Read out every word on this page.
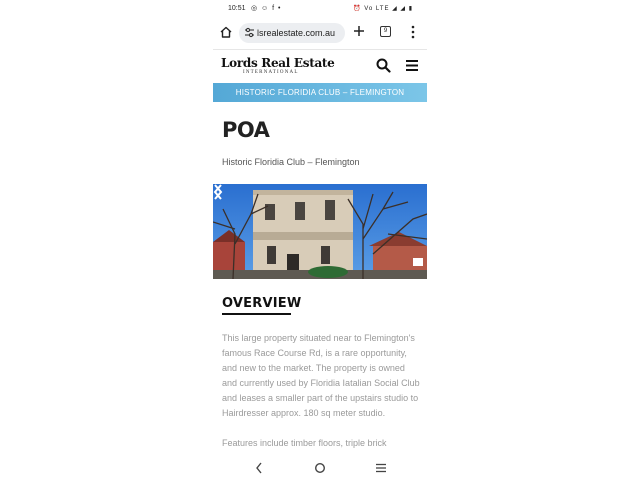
10:51 ◎ ☺ f •	⏰ Vo LTE ◢ ◢ ▮
lsrealestate.com.au	9
Lords Real Estate
INTERNATIONAL
HISTORIC FLORIDIA CLUB – FLEMINGTON
POA
Historic Floridia Club – Flemington
OVERVIEW

This large property situated near to Flemington's famous Race Course Rd, is a rare opportunity, and new to the market. The property is owned and currently used by Floridia Iatalian Social Club and leases a smaller part of the upstairs studio to Hairdresser approx. 180 sq meter studio.

Features include timber floors, triple brick
